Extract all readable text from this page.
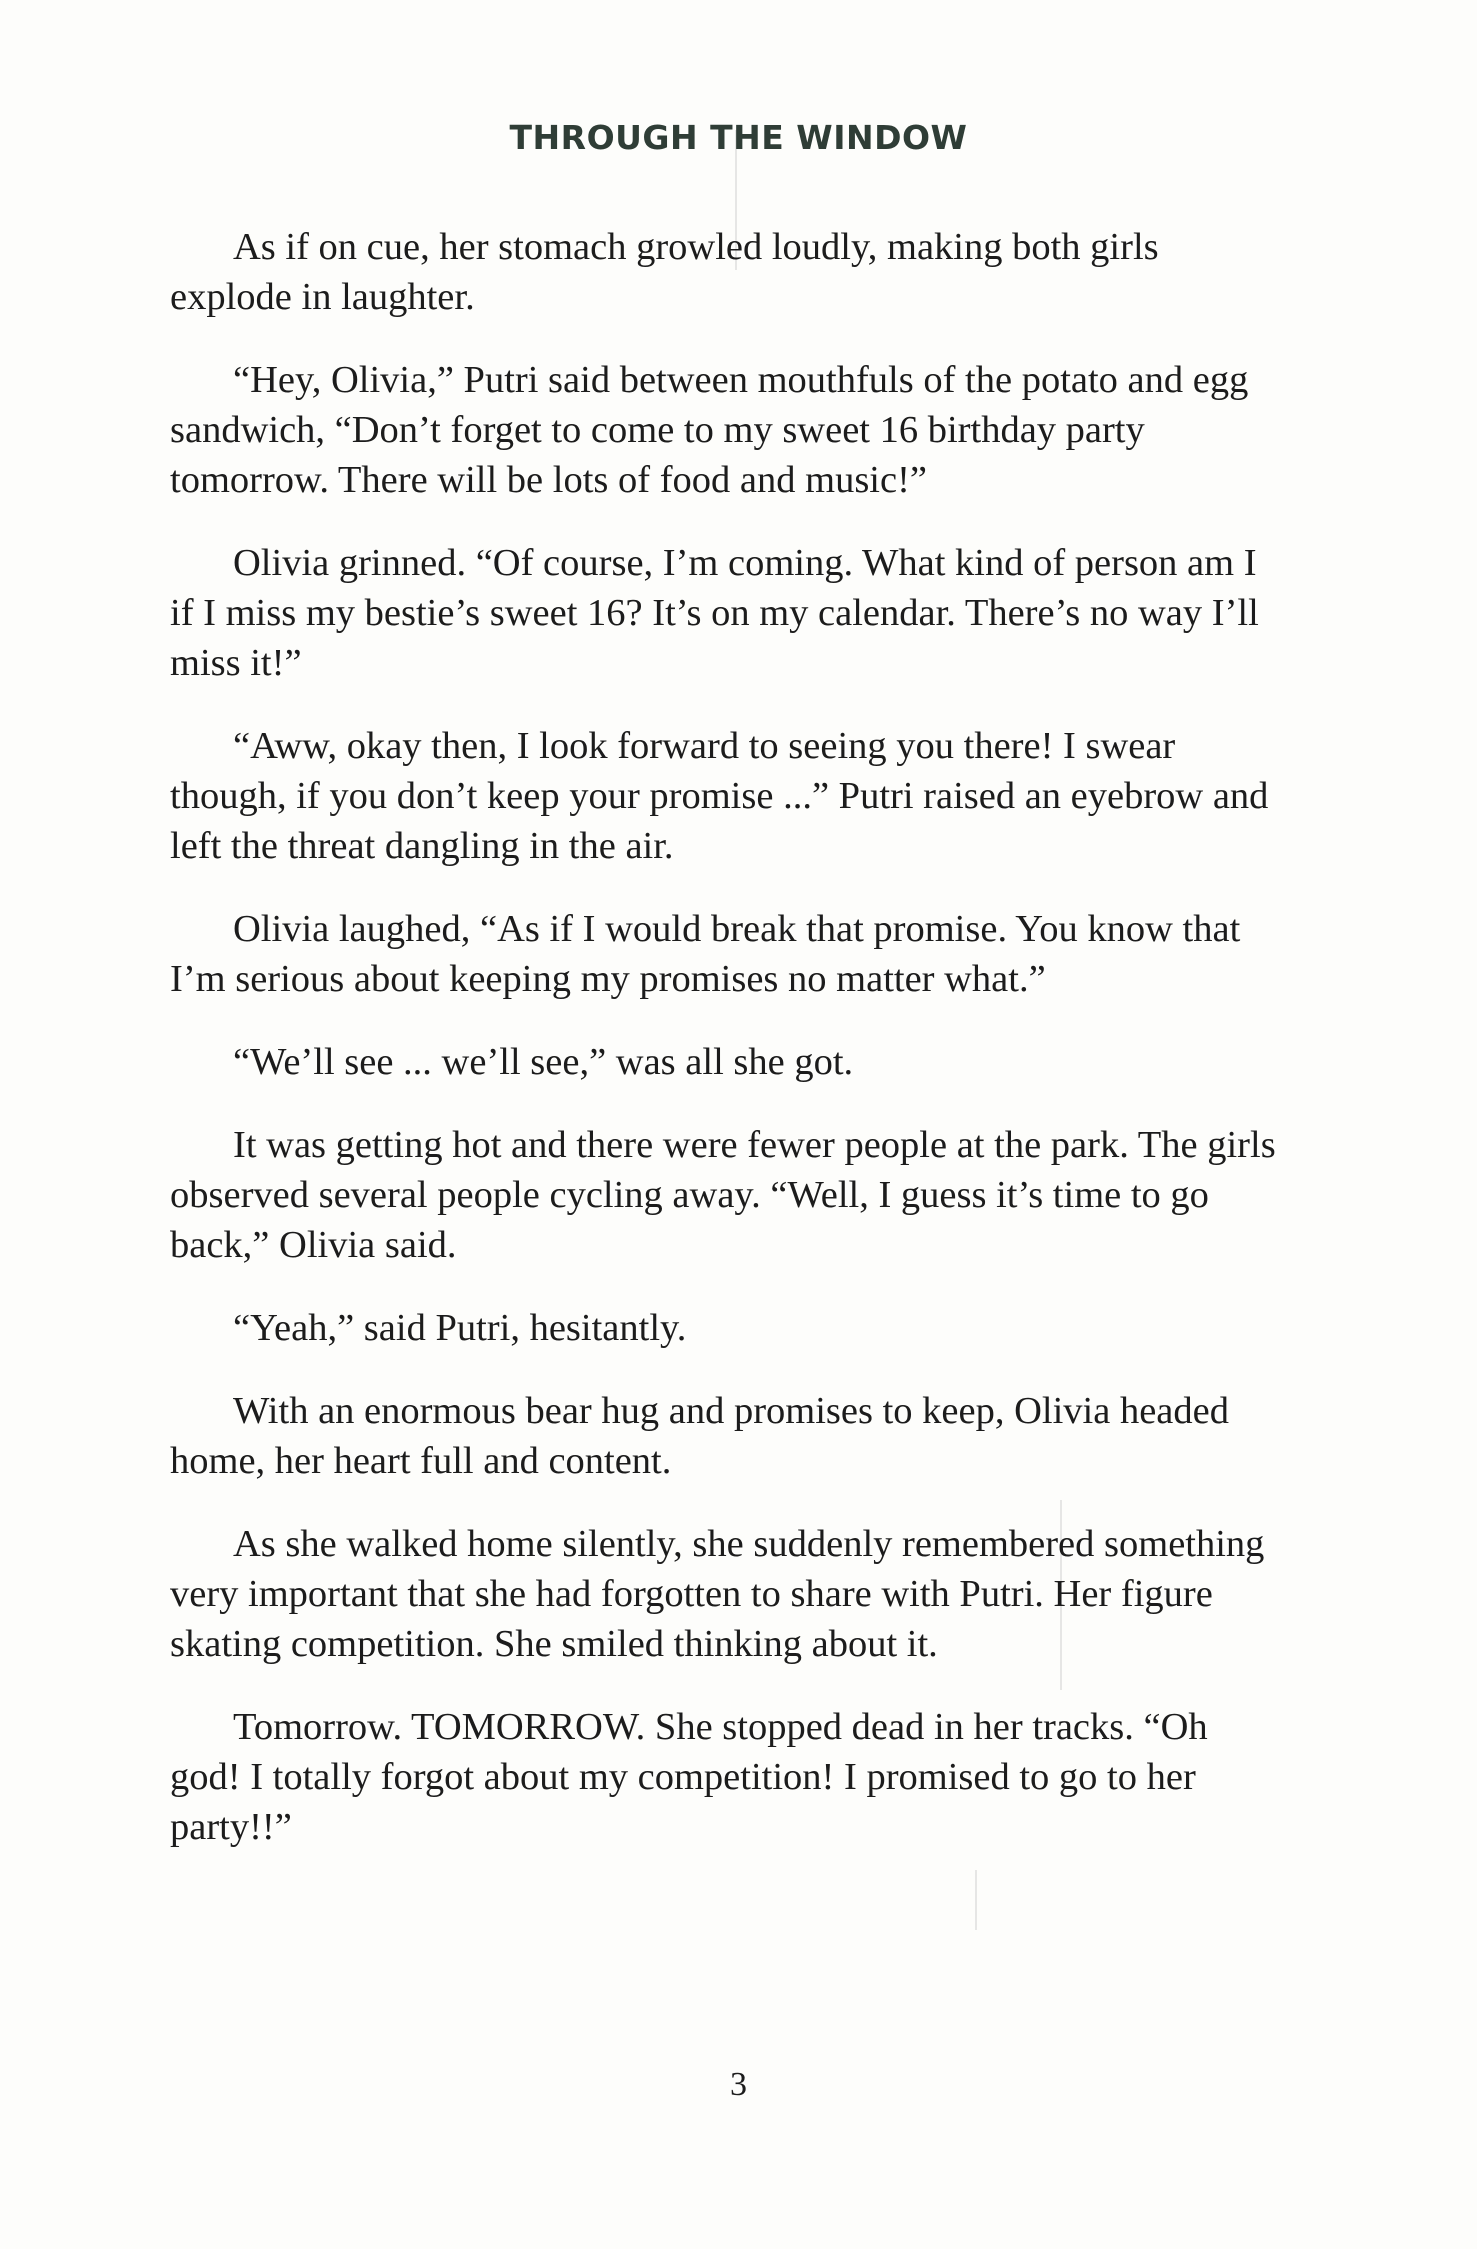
THROUGH THE WINDOW

As if on cue, her stomach growled loudly, making both girls explode in laughter.

“Hey, Olivia,” Putri said between mouthfuls of the potato and egg sandwich, “Don’t forget to come to my sweet 16 birthday party tomorrow. There will be lots of food and music!”

Olivia grinned. “Of course, I’m coming. What kind of person am I if I miss my bestie’s sweet 16? It’s on my calendar. There’s no way I’ll miss it!”

“Aww, okay then, I look forward to seeing you there! I swear though, if you don’t keep your promise ...” Putri raised an eyebrow and left the threat dangling in the air.

Olivia laughed, “As if I would break that promise. You know that I’m serious about keeping my promises no matter what.”

“We’ll see ... we’ll see,” was all she got.

It was getting hot and there were fewer people at the park. The girls observed several people cycling away. “Well, I guess it’s time to go back,” Olivia said.

“Yeah,” said Putri, hesitantly.

With an enormous bear hug and promises to keep, Olivia headed home, her heart full and content.

As she walked home silently, she suddenly remembered something very important that she had forgotten to share with Putri. Her figure skating competition. She smiled thinking about it.

Tomorrow. TOMORROW. She stopped dead in her tracks. “Oh god! I totally forgot about my competition! I promised to go to her party!!”

3
